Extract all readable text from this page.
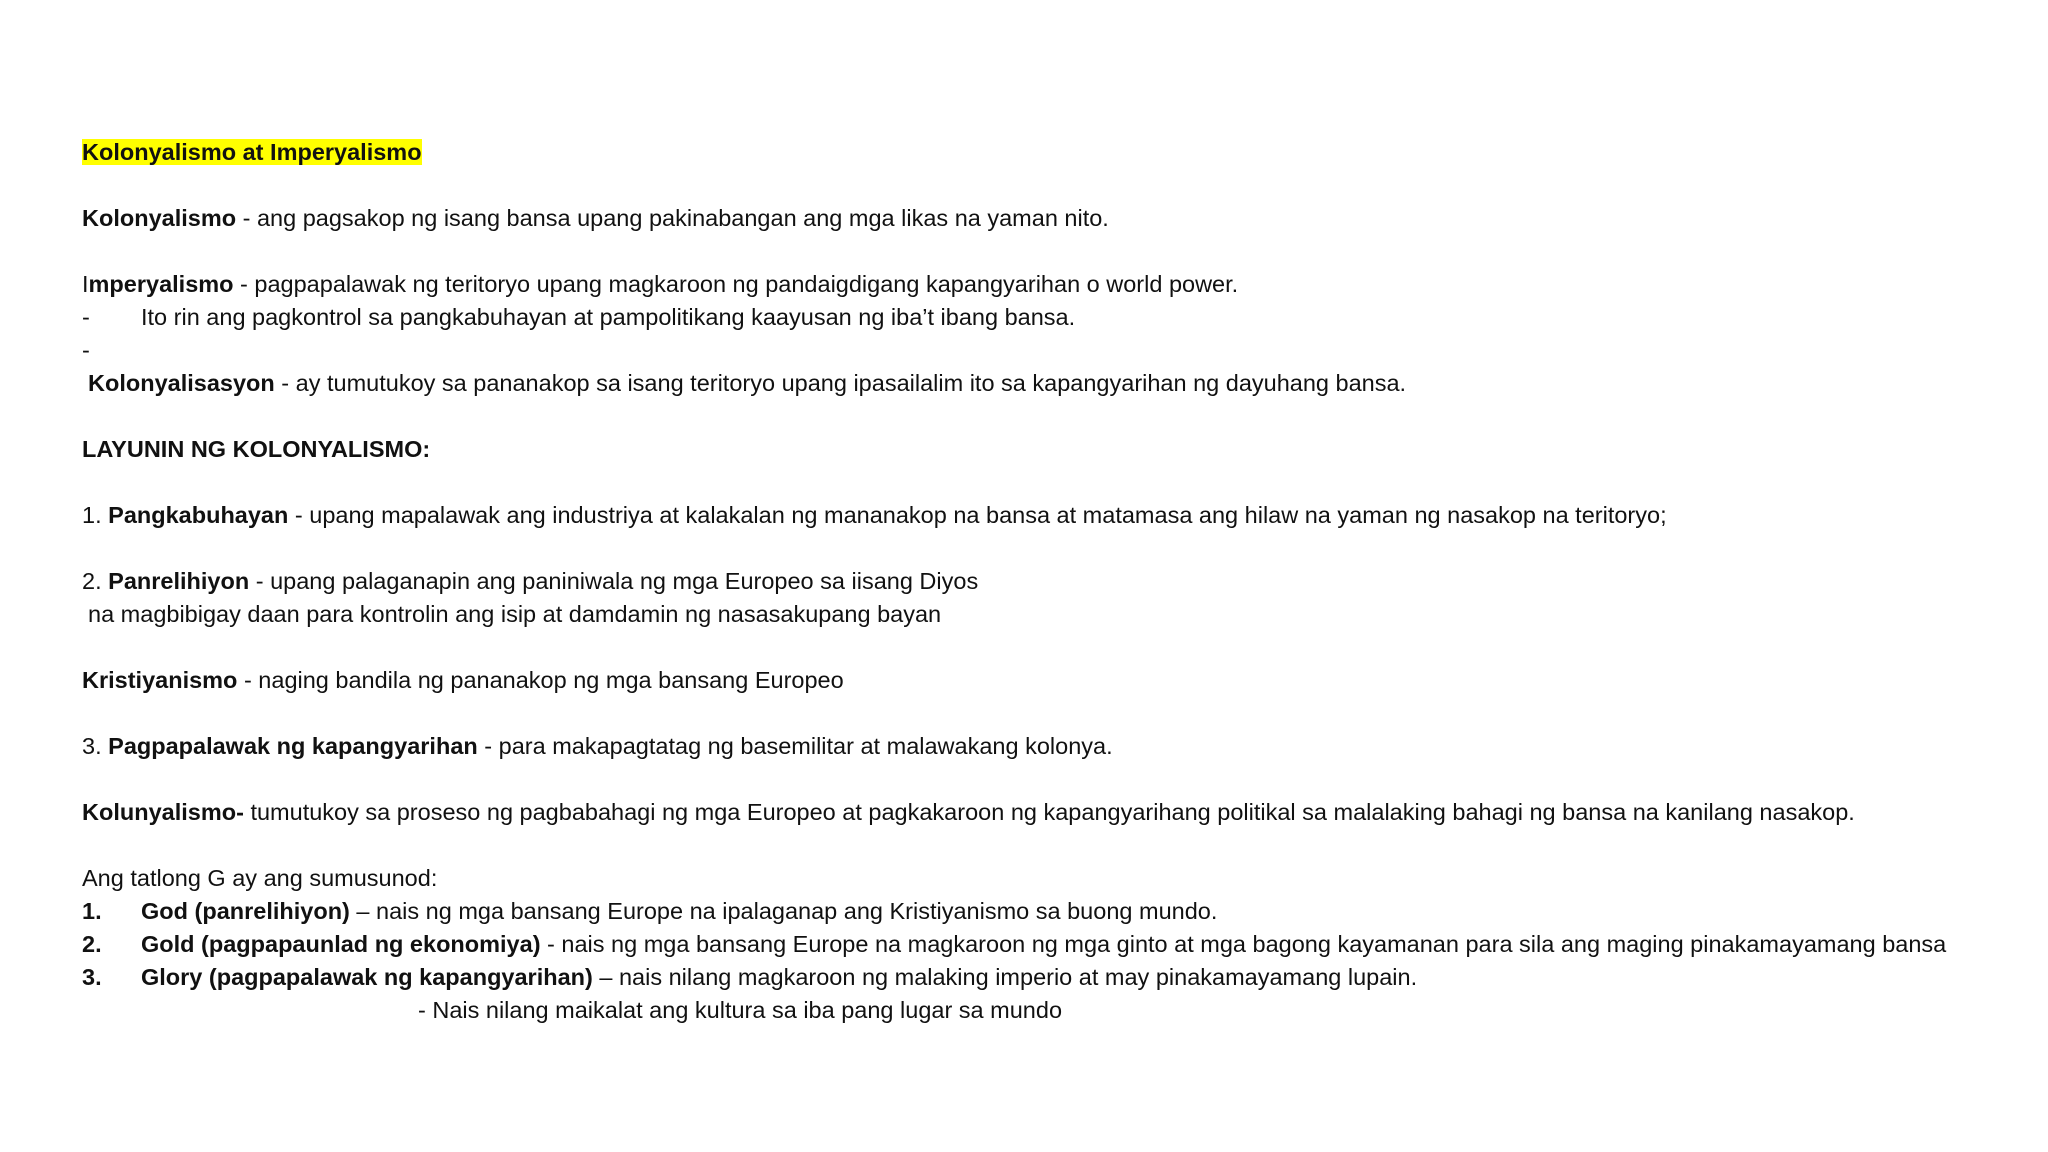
Kolonyalismo at Imperyalismo
Kolonyalismo - ang pagsakop ng isang bansa upang pakinabangan ang mga likas na yaman nito.
Imperyalismo - pagpapalawak ng teritoryo upang magkaroon ng pandaigdigang kapangyarihan o world power.
- Ito rin ang pagkontrol sa pangkabuhayan at pampolitikang kaayusan ng iba’t ibang bansa.
-
Kolonyalisasyon - ay tumutukoy sa pananakop sa isang teritoryo upang ipasailalim ito sa kapangyarihan ng dayuhang bansa.
LAYUNIN NG KOLONYALISMO:
1. Pangkabuhayan - upang mapalawak ang industriya at kalakalan ng mananakop na bansa at matamasa ang hilaw na yaman ng nasakop na teritoryo;
2. Panrelihiyon - upang palaganapin ang paniniwala ng mga Europeo sa iisang Diyos
na magbibigay daan para kontrolin ang isip at damdamin ng nasasakupang bayan
Kristiyanismo - naging bandila ng pananakop ng mga bansang Europeo
3. Pagpapalawak ng kapangyarihan - para makapagtatag ng basemilitar at malawakang kolonya.
Kolunyalismo- tumutukoy sa proseso ng pagbabahagi ng mga Europeo at pagkakaroon ng kapangyarihang politikal sa malalaking bahagi ng bansa na kanilang nasakop.
Ang tatlong G ay ang sumusunod:
1. God (panrelihiyon) – nais ng mga bansang Europe na ipalaganap ang Kristiyanismo sa buong mundo.
2. Gold (pagpapaunlad ng ekonomiya) - nais ng mga bansang Europe na magkaroon ng mga ginto at mga bagong kayamanan para sila ang maging pinakamayamang bansa
3. Glory (pagpapalawak ng kapangyarihan) – nais nilang magkaroon ng malaking imperio at may pinakamayamang lupain.
- Nais nilang maikalat ang kultura sa iba pang lugar sa mundo
